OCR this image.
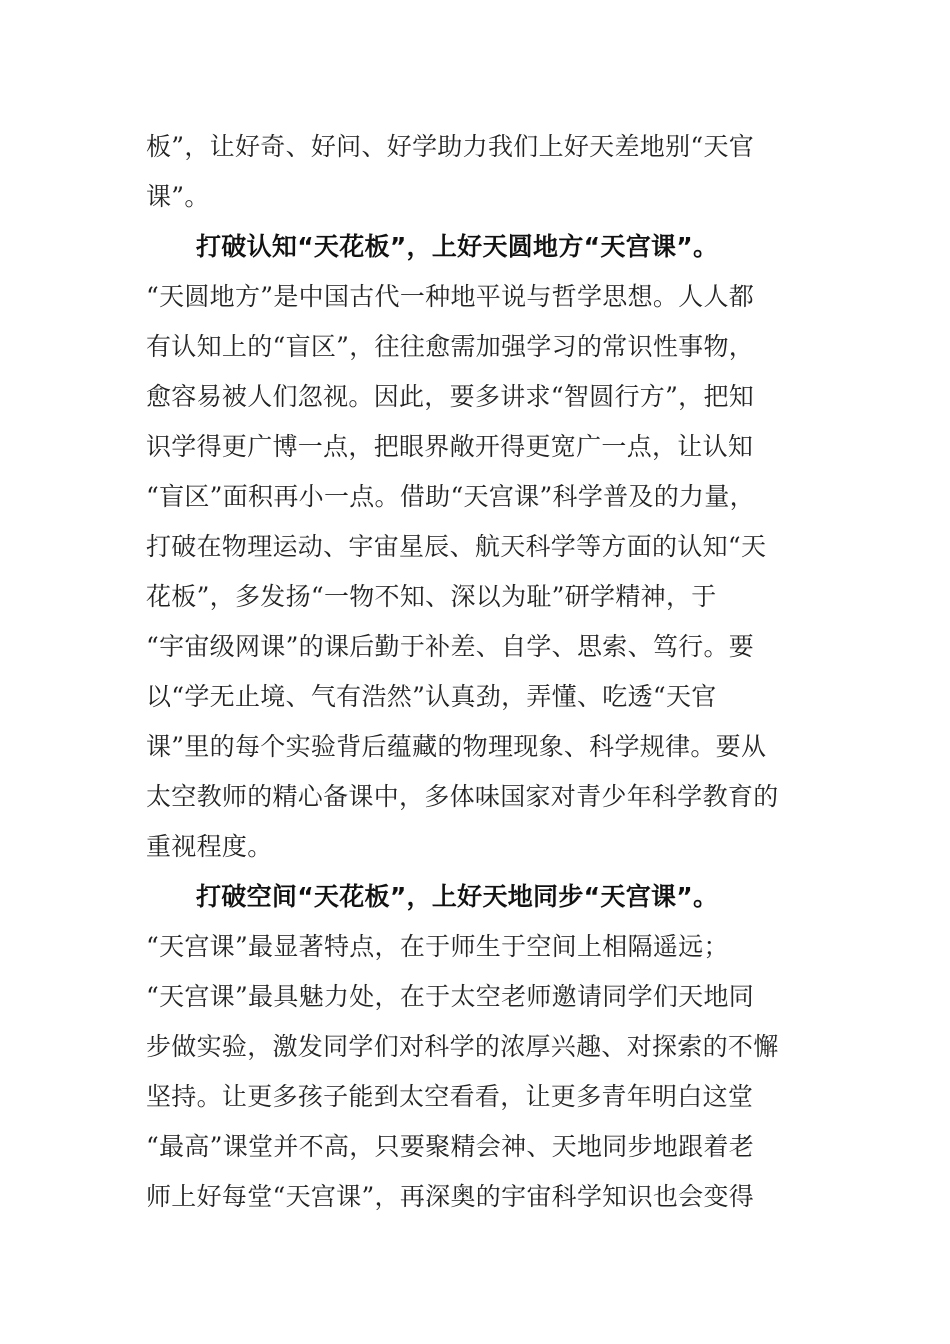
板”，让好奇、好问、好学助力我们上好天差地别“天官
课”。
打破认知“天花板”，上好天圆地方“天宫课”。
“天圆地方”是中国古代一种地平说与哲学思想。人人都
有认知上的“盲区”，往往愈需加强学习的常识性事物，
愈容易被人们忽视。因此，要多讲求“智圆行方”，把知
识学得更广博一点，把眼界敞开得更宽广一点，让认知
“盲区”面积再小一点。借助“天宫课”科学普及的力量，
打破在物理运动、宇宙星辰、航天科学等方面的认知“天
花板”，多发扬“一物不知、深以为耻”研学精神，于
“宇宙级网课”的课后勤于补差、自学、思索、笃行。要
以“学无止境、气有浩然”认真劲，弄懂、吃透“天官
课”里的每个实验背后蕴藏的物理现象、科学规律。要从
太空教师的精心备课中，多体味国家对青少年科学教育的
重视程度。
打破空间“天花板”，上好天地同步“天宫课”。
“天宫课”最显著特点，在于师生于空间上相隔遥远；
“天宫课”最具魅力处，在于太空老师邀请同学们天地同
步做实验，激发同学们对科学的浓厚兴趣、对探索的不懈
坚持。让更多孩子能到太空看看，让更多青年明白这堂
“最高”课堂并不高，只要聚精会神、天地同步地跟着老
师上好每堂“天宫课”，再深奥的宇宙科学知识也会变得
